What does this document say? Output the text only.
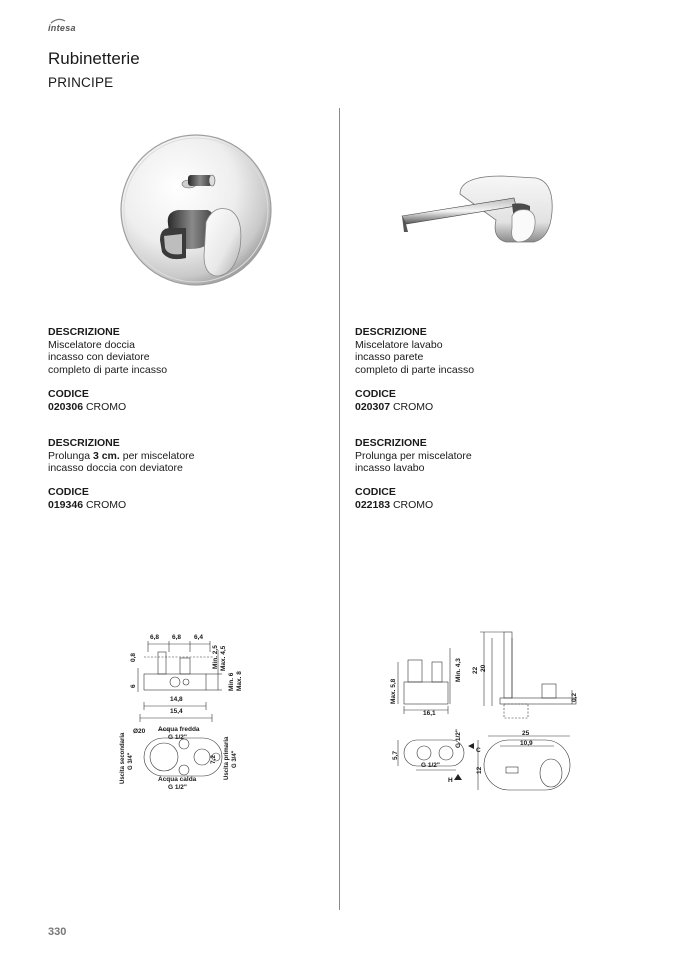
intesa
Rubinetterie
PRINCIPE
DESCRIZIONE
Miscelatore doccia
incasso con deviatore
completo di parte incasso
CODICE
020306 CROMO
DESCRIZIONE
Prolunga 3 cm. per miscelatore
incasso doccia con deviatore
CODICE
019346 CROMO
DESCRIZIONE
Miscelatore lavabo
incasso parete
completo di parte incasso
CODICE
020307 CROMO
DESCRIZIONE
Prolunga per miscelatore
incasso lavabo
CODICE
022183 CROMO
6,8 6,8 6,4
0,8	Min. 2,5 Max. 4,5
6	Min. 6 Max. 8
14,8
15,4
Ø20 Acqua fredda
G 1/2"
Acqua calda
G 1/2"
Uscita secondaria G 3/4"	Uscita primaria G 3/4"
7,2
Max. 5,8
Min. 4,3 22 20
0,2
16,1
5,7
G 1/2"
G 1/2"
C
H
25
10,9
12
330
